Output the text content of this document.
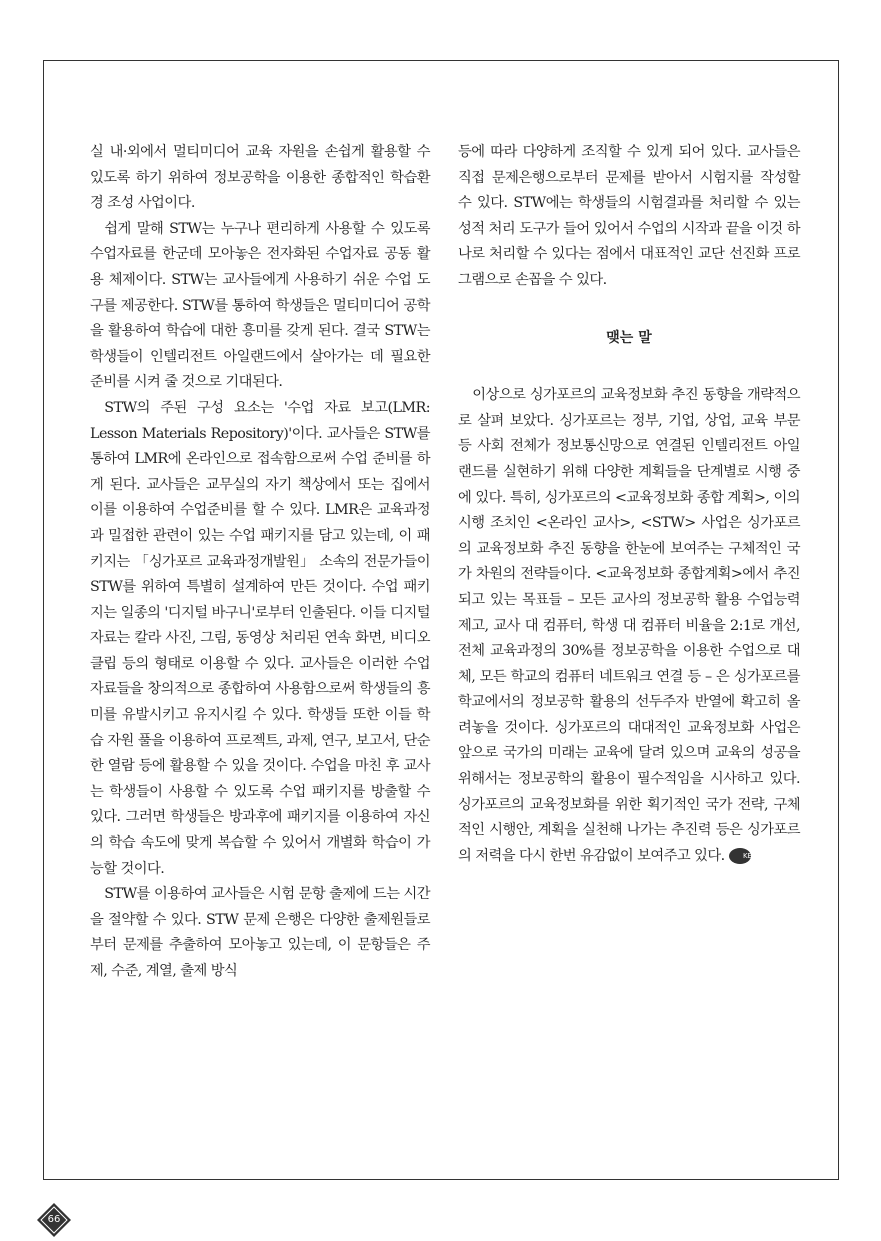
실 내·외에서 멀티미디어 교육 자원을 손쉽게 활용할 수 있도록 하기 위하여 정보공학을 이용한 종합적인 학습환경 조성 사업이다.

쉽게 말해 STW는 누구나 편리하게 사용할 수 있도록 수업자료를 한군데 모아놓은 전자화된 수업자료 공동 활용 체제이다. STW는 교사들에게 사용하기 쉬운 수업 도구를 제공한다. STW를 통하여 학생들은 멀티미디어 공학을 활용하여 학습에 대한 흥미를 갖게 된다. 결국 STW는 학생들이 인텔리전트 아일랜드에서 살아가는 데 필요한 준비를 시켜 줄 것으로 기대된다.

STW의 주된 구성 요소는 '수업 자료 보고(LMR: Lesson Materials Repository)'이다. 교사들은 STW를 통하여 LMR에 온라인으로 접속함으로써 수업 준비를 하게 된다. 교사들은 교무실의 자기 책상에서 또는 집에서 이를 이용하여 수업준비를 할 수 있다. LMR은 교육과정과 밀접한 관련이 있는 수업 패키지를 담고 있는데, 이 패키지는 「싱가포르 교육과정개발원」 소속의 전문가들이 STW를 위하여 특별히 설계하여 만든 것이다. 수업 패키지는 일종의 '디지털 바구니'로부터 인출된다. 이들 디지털 자료는 칼라 사진, 그림, 동영상 처리된 연속 화면, 비디오 클립 등의 형태로 이용할 수 있다. 교사들은 이러한 수업 자료들을 창의적으로 종합하여 사용함으로써 학생들의 흥미를 유발시키고 유지시킬 수 있다. 학생들 또한 이들 학습 자원 풀을 이용하여 프로젝트, 과제, 연구, 보고서, 단순한 열람 등에 활용할 수 있을 것이다. 수업을 마친 후 교사는 학생들이 사용할 수 있도록 수업 패키지를 방출할 수 있다. 그러면 학생들은 방과후에 패키지를 이용하여 자신의 학습 속도에 맞게 복습할 수 있어서 개별화 학습이 가능할 것이다.

STW를 이용하여 교사들은 시험 문항 출제에 드는 시간을 절약할 수 있다. STW 문제 은행은 다양한 출제원들로부터 문제를 추출하여 모아놓고 있는데, 이 문항들은 주제, 수준, 계열, 출제 방식

등에 따라 다양하게 조직할 수 있게 되어 있다. 교사들은 직접 문제은행으로부터 문제를 받아서 시험지를 작성할 수 있다. STW에는 학생들의 시험결과를 처리할 수 있는 성적 처리 도구가 들어 있어서 수업의 시작과 끝을 이것 하나로 처리할 수 있다는 점에서 대표적인 교단 선진화 프로그램으로 손꼽을 수 있다.

맺는 말

이상으로 싱가포르의 교육정보화 추진 동향을 개략적으로 살펴 보았다. 싱가포르는 정부, 기업, 상업, 교육 부문 등 사회 전체가 정보통신망으로 연결된 인텔리전트 아일랜드를 실현하기 위해 다양한 계획들을 단계별로 시행 중에 있다. 특히, 싱가포르의 <교육정보화 종합 계획>, 이의 시행 조치인 <온라인 교사>, <STW> 사업은 싱가포르의 교육정보화 추진 동향을 한눈에 보여주는 구체적인 국가 차원의 전략들이다. <교육정보화 종합계획>에서 추진되고 있는 목표들 – 모든 교사의 정보공학 활용 수업능력 제고, 교사 대 컴퓨터, 학생 대 컴퓨터 비율을 2:1로 개선, 전체 교육과정의 30%를 정보공학을 이용한 수업으로 대체, 모든 학교의 컴퓨터 네트워크 연결 등 – 은 싱가포르를 학교에서의 정보공학 활용의 선두주자 반열에 확고히 올려놓을 것이다. 싱가포르의 대대적인 교육정보화 사업은 앞으로 국가의 미래는 교육에 달려 있으며 교육의 성공을 위해서는 정보공학의 활용이 필수적임을 시사하고 있다. 싱가포르의 교육정보화를 위한 획기적인 국가 전략, 구체적인 시행안, 계획을 실천해 나가는 추진력 등은 싱가포르의 저력을 다시 한번 유감없이 보여주고 있다.	KEDI

66
